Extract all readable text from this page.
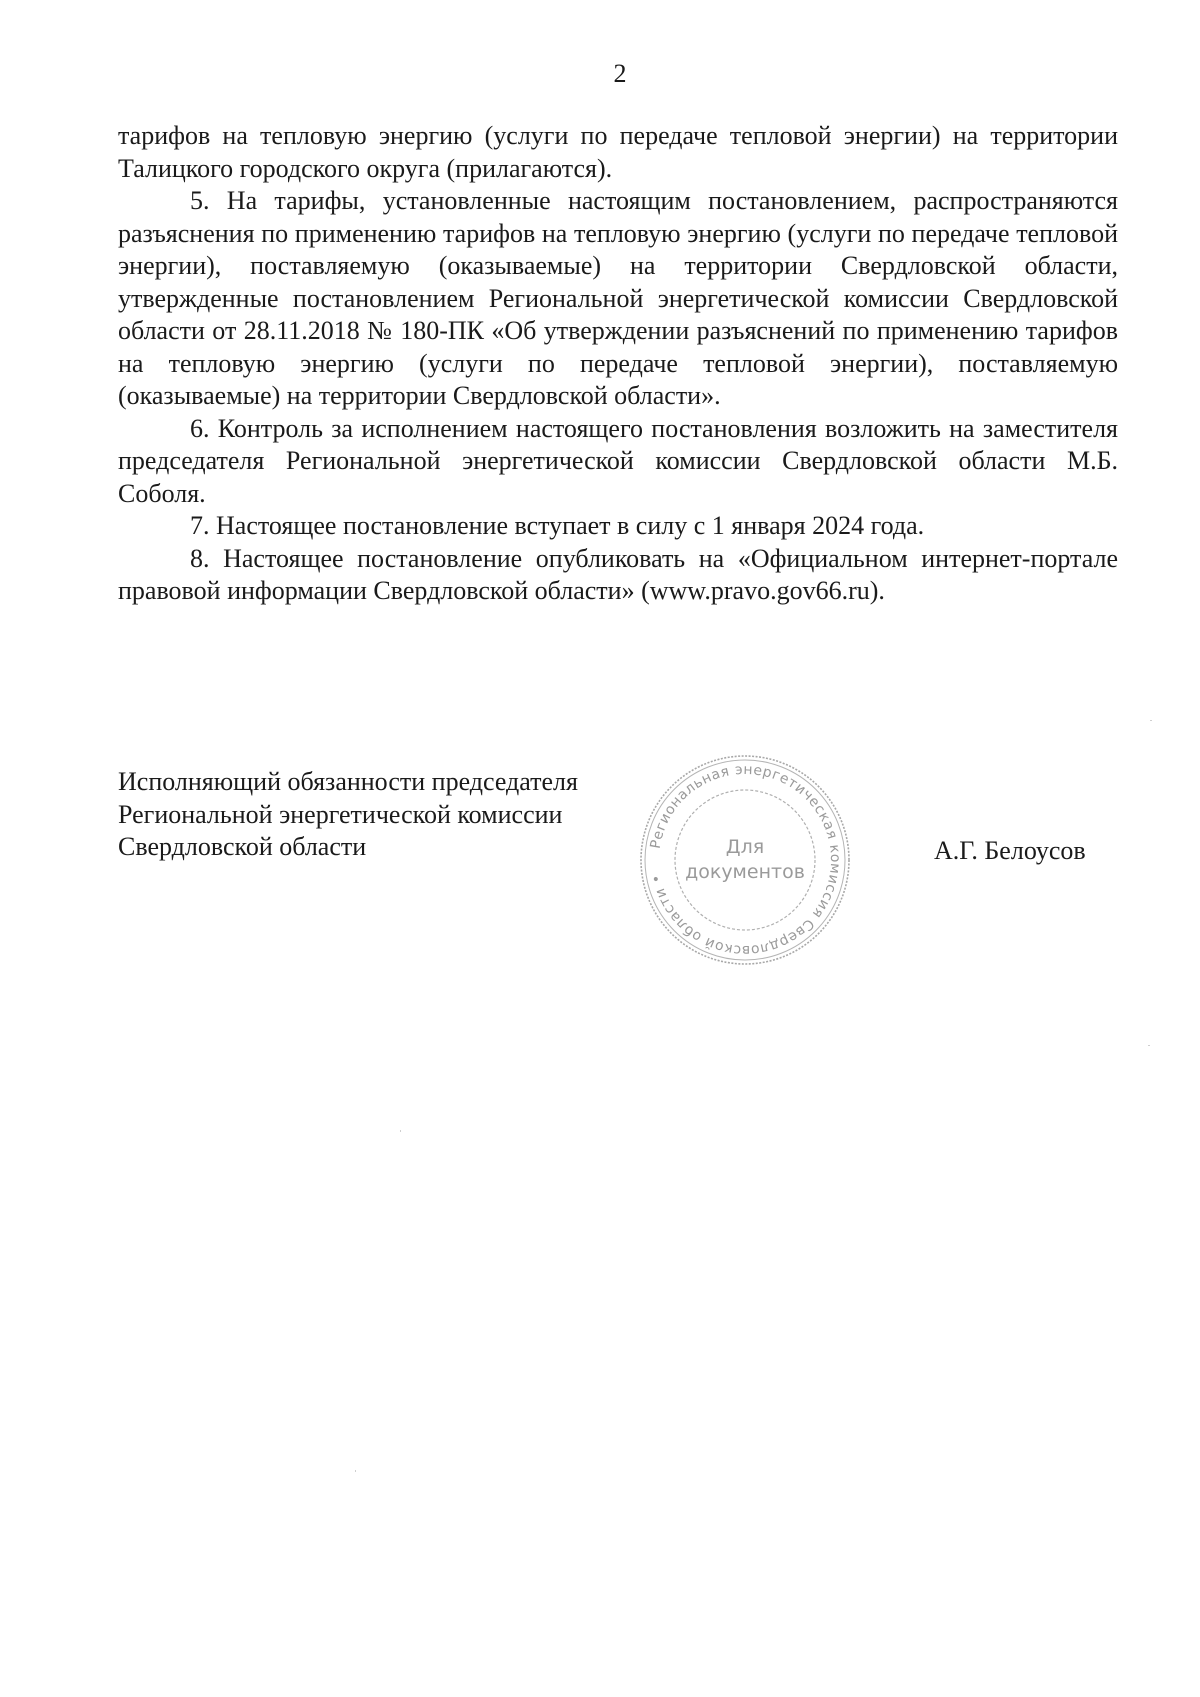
2

тарифов на тепловую энергию (услуги по передаче тепловой энергии) на территории Талицкого городского округа (прилагаются).

5. На тарифы, установленные настоящим постановлением, распространяются разъяснения по применению тарифов на тепловую энергию (услуги по передаче тепловой энергии), поставляемую (оказываемые) на территории Свердловской области, утвержденные постановлением Региональной энергетической комиссии Свердловской области от 28.11.2018 № 180-ПК «Об утверждении разъяснений по применению тарифов на тепловую энергию (услуги по передаче тепловой энергии), поставляемую (оказываемые) на территории Свердловской области».

6. Контроль за исполнением настоящего постановления возложить на заместителя председателя Региональной энергетической комиссии Свердловской области М.Б. Соболя.

7. Настоящее постановление вступает в силу с 1 января 2024 года.

8. Настоящее постановление опубликовать на «Официальном интернет-портале правовой информации Свердловской области» (www.pravo.gov66.ru).

Исполняющий обязанности председателя
Региональной энергетической комиссии
Свердловской области	Региональная энергетическая комиссия Свердловской области •
Для
документов
А.Г. Белоусов
